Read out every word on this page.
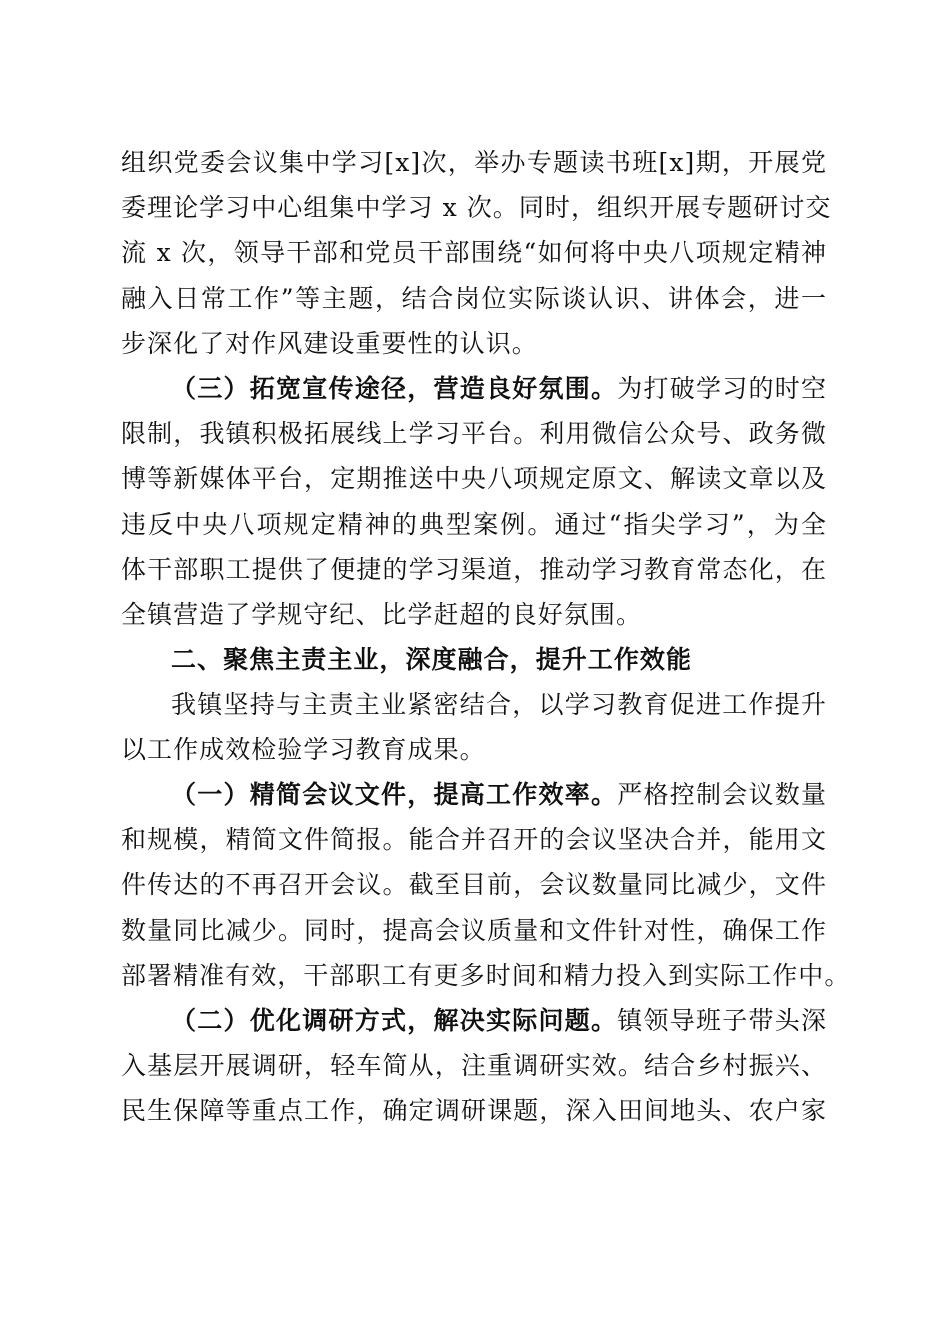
组织党委会议集中学习[x]次，举办专题读书班[x]期，开展党
委理论学习中心组集中学习 x 次。同时，组织开展专题研讨交
流 x 次，领导干部和党员干部围绕“如何将中央八项规定精神
融入日常工作”等主题，结合岗位实际谈认识、讲体会，进一
步深化了对作风建设重要性的认识。
（三）拓宽宣传途径，营造良好氛围。为打破学习的时空
限制，我镇积极拓展线上学习平台。利用微信公众号、政务微
博等新媒体平台，定期推送中央八项规定原文、解读文章以及
违反中央八项规定精神的典型案例。通过“指尖学习”，为全
体干部职工提供了便捷的学习渠道，推动学习教育常态化，在
全镇营造了学规守纪、比学赶超的良好氛围。
二、聚焦主责主业，深度融合，提升工作效能
我镇坚持与主责主业紧密结合，以学习教育促进工作提升
以工作成效检验学习教育成果。
（一）精简会议文件，提高工作效率。严格控制会议数量
和规模，精简文件简报。能合并召开的会议坚决合并，能用文
件传达的不再召开会议。截至目前，会议数量同比减少，文件
数量同比减少。同时，提高会议质量和文件针对性，确保工作
部署精准有效，干部职工有更多时间和精力投入到实际工作中。
（二）优化调研方式，解决实际问题。镇领导班子带头深
入基层开展调研，轻车简从，注重调研实效。结合乡村振兴、
民生保障等重点工作，确定调研课题，深入田间地头、农户家
